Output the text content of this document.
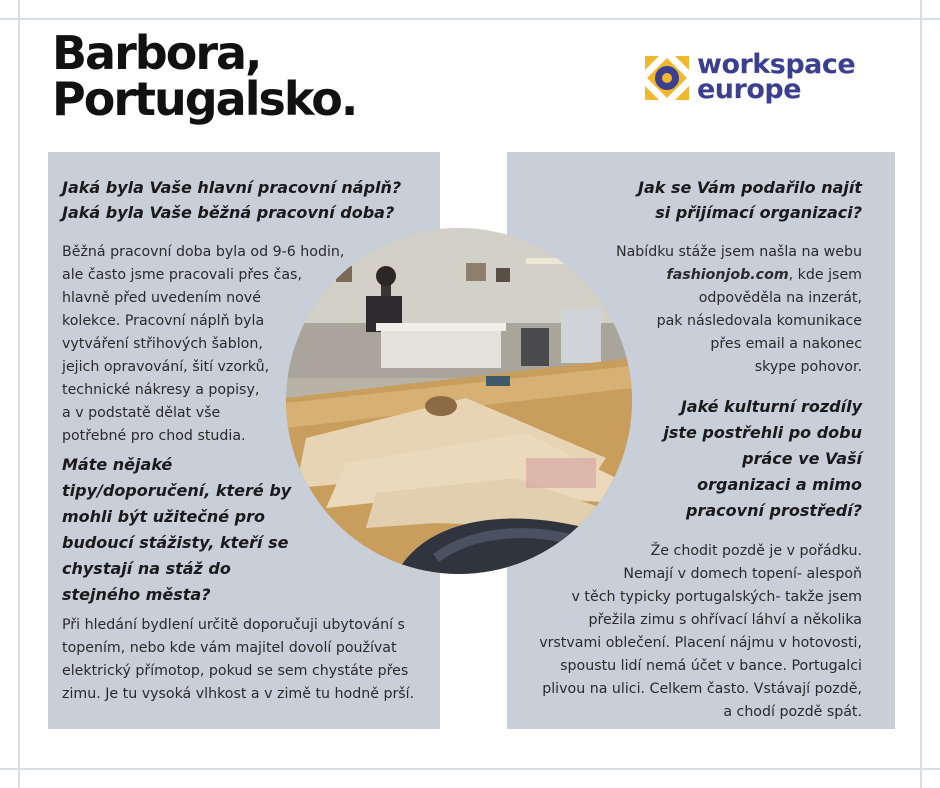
Barbora,
Portugalsko.
workspace
europe
Jaká byla Vaše hlavní pracovní náplň?
Jaká byla Vaše běžná pracovní doba?
Běžná pracovní doba byla od 9-6 hodin,
ale často jsme pracovali přes čas,
hlavně před uvedením nové
kolekce. Pracovní náplň byla
vytváření střihových šablon,
jejich opravování, šití vzorků,
technické nákresy a popisy,
a v podstatě dělat vše
potřebné pro chod studia.
Máte nějaké
tipy/doporučení, které by
mohli být užitečné pro
budoucí stážisty, kteří se
chystají na stáž do
stejného města?
Při hledání bydlení určitě doporučuji ubytování s
topením, nebo kde vám majitel dovolí používat
elektrický přímotop, pokud se sem chystáte přes
zimu. Je tu vysoká vlhkost a v zimě tu hodně prší.
Jak se Vám podařilo najít
si přijímací organizaci?
Nabídku stáže jsem našla na webu
fashionjob.com, kde jsem
odpověděla na inzerát,
pak následovala komunikace
přes email a nakonec
skype pohovor.
Jaké kulturní rozdíly
jste postřehli po dobu
práce ve Vaší
organizaci a mimo
pracovní prostředí?
Že chodit pozdě je v pořádku.
Nemají v domech topení- alespoň
v těch typicky portugalských- takže jsem
přežila zimu s ohřívací láhví a několika
vrstvami oblečení. Placení nájmu v hotovosti,
spoustu lidí nemá účet v bance. Portugalci
plivou na ulici. Celkem často. Vstávají pozdě,
a chodí pozdě spát.
